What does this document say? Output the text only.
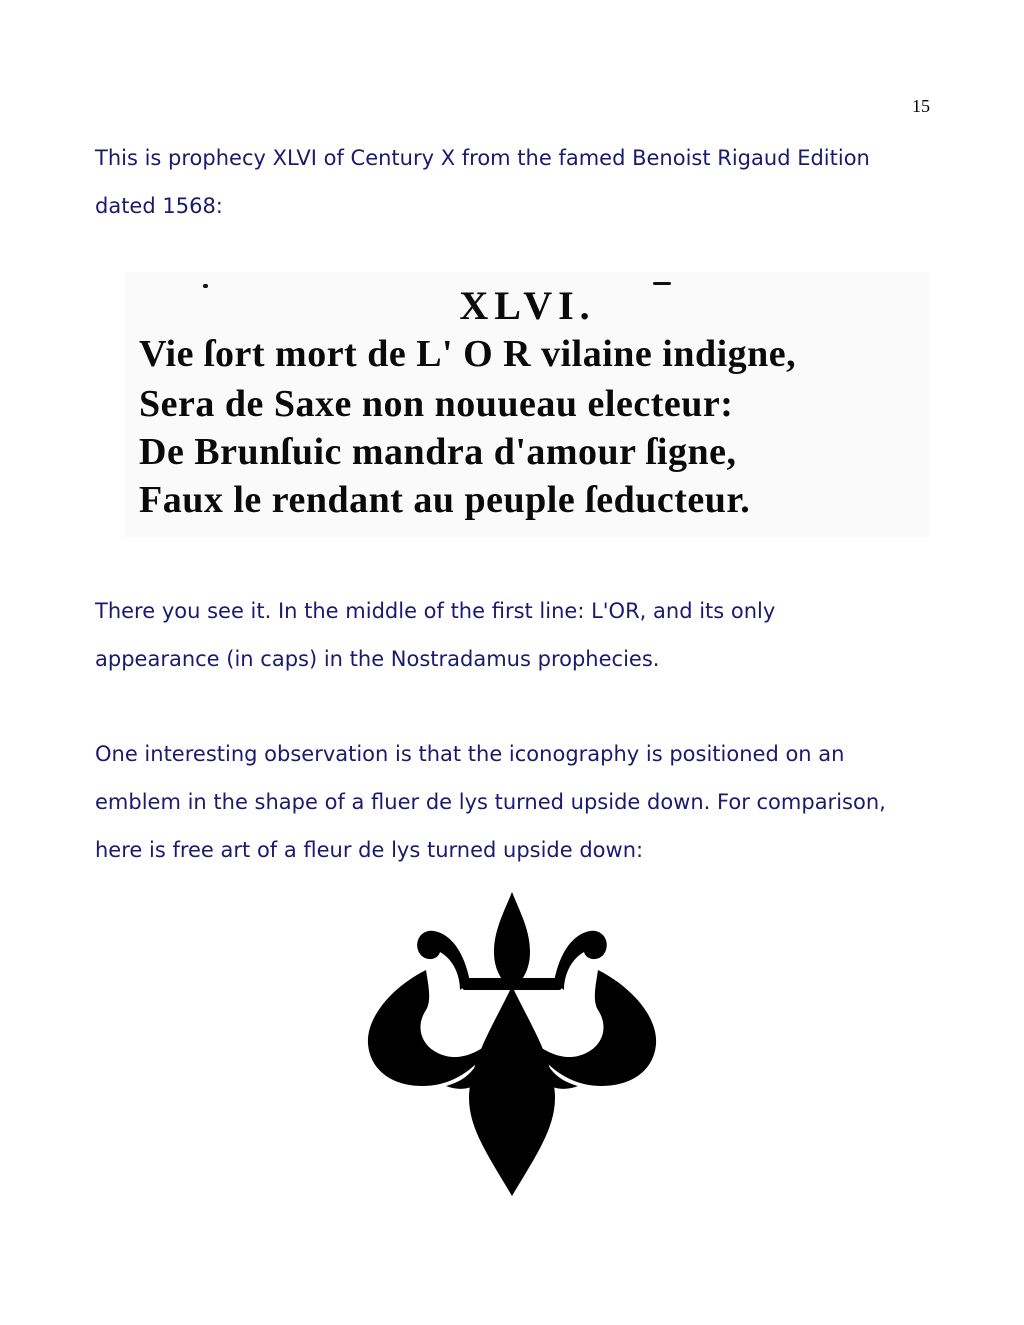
15
This is prophecy XLVI of Century X from the famed Benoist Rigaud Edition
dated 1568:
XLVI.
Vie ſort mort de L' O R vilaine indigne,
Sera de Saxe non nouueau electeur:
De Brunſuic mandra d'amour ſigne,
Faux le rendant au peuple ſeducteur.
There you see it. In the middle of the first line: L'OR, and its only
appearance (in caps) in the Nostradamus prophecies.
One interesting observation is that the iconography is positioned on an
emblem in the shape of a fluer de lys turned upside down. For comparison,
here is free art of a fleur de lys turned upside down:
